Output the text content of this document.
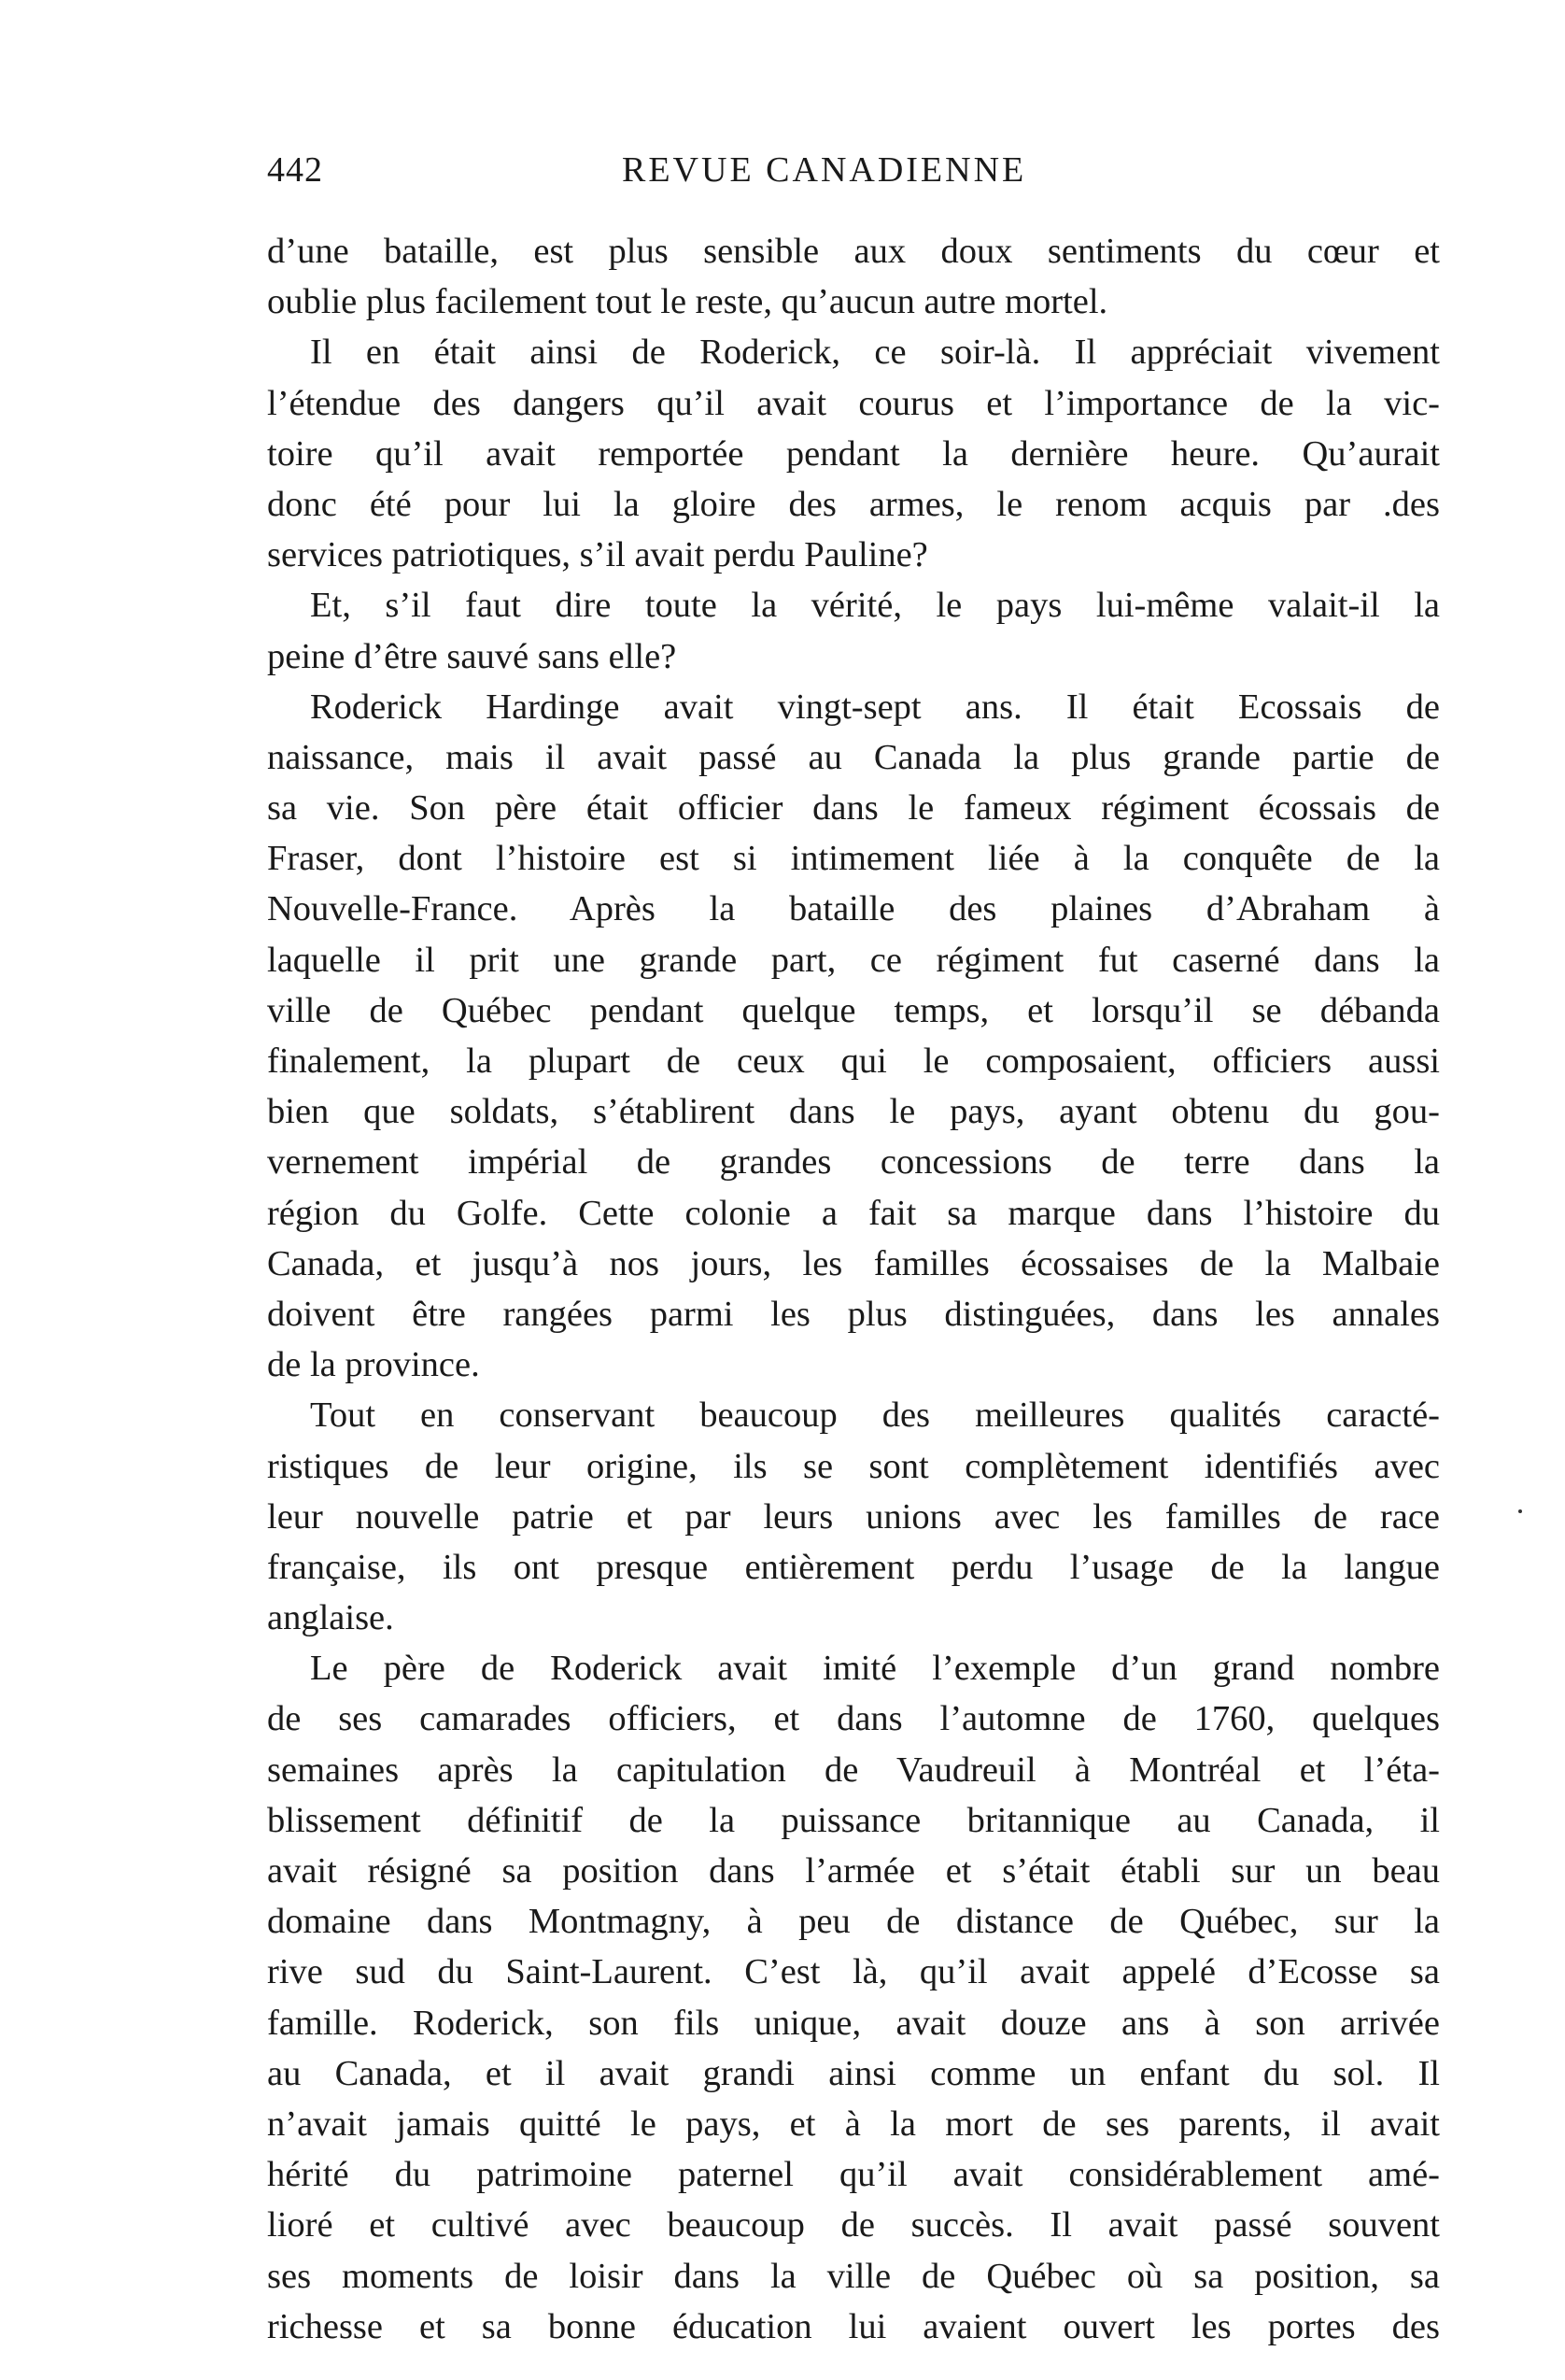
442	REVUE CANADIENNE
d’une bataille, est plus sensible aux doux sentiments du cœur et
oublie plus facilement tout le reste, qu’aucun autre mortel.
Il en était ainsi de Roderick, ce soir-là. Il appréciait vivement
l’étendue des dangers qu’il avait courus et l’importance de la vic-
toire qu’il avait remportée pendant la dernière heure. Qu’aurait
donc été pour lui la gloire des armes, le renom acquis par .des
services patriotiques, s’il avait perdu Pauline?
Et, s’il faut dire toute la vérité, le pays lui-même valait-il la
peine d’être sauvé sans elle?
Roderick Hardinge avait vingt-sept ans. Il était Ecossais de
naissance, mais il avait passé au Canada la plus grande partie de
sa vie. Son père était officier dans le fameux régiment écossais de
Fraser, dont l’histoire est si intimement liée à la conquête de la
Nouvelle-France. Après la bataille des plaines d’Abraham à
laquelle il prit une grande part, ce régiment fut caserné dans la
ville de Québec pendant quelque temps, et lorsqu’il se débanda
finalement, la plupart de ceux qui le composaient, officiers aussi
bien que soldats, s’établirent dans le pays, ayant obtenu du gou-
vernement impérial de grandes concessions de terre dans la
région du Golfe. Cette colonie a fait sa marque dans l’histoire du
Canada, et jusqu’à nos jours, les familles écossaises de la Malbaie
doivent être rangées parmi les plus distinguées, dans les annales
de la province.
Tout en conservant beaucoup des meilleures qualités caracté-
ristiques de leur origine, ils se sont complètement identifiés avec
leur nouvelle patrie et par leurs unions avec les familles de race
française, ils ont presque entièrement perdu l’usage de la langue
anglaise.
Le père de Roderick avait imité l’exemple d’un grand nombre
de ses camarades officiers, et dans l’automne de 1760, quelques
semaines après la capitulation de Vaudreuil à Montréal et l’éta-
blissement définitif de la puissance britannique au Canada, il
avait résigné sa position dans l’armée et s’était établi sur un beau
domaine dans Montmagny, à peu de distance de Québec, sur la
rive sud du Saint-Laurent. C’est là, qu’il avait appelé d’Ecosse sa
famille. Roderick, son fils unique, avait douze ans à son arrivée
au Canada, et il avait grandi ainsi comme un enfant du sol. Il
n’avait jamais quitté le pays, et à la mort de ses parents, il avait
hérité du patrimoine paternel qu’il avait considérablement amé-
lioré et cultivé avec beaucoup de succès. Il avait passé souvent
ses moments de loisir dans la ville de Québec où sa position, sa
richesse et sa bonne éducation lui avaient ouvert les portes des
